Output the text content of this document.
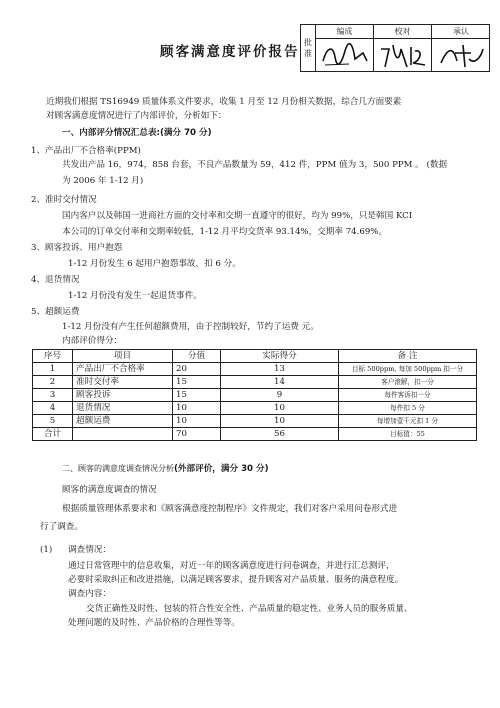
顾客满意度评价报告
批
准
编成	校对	承认
近期我们根据 TS16949 质量体系文件要求，收集 1 月至 12 月份相关数据，综合几方面要素
对顾客满意度情况进行了内部评价，分析如下：
一、内部评分情况汇总表:(满分 70 分)
1、产品出厂不合格率(PPM)
共发出产品 16，974，858 台套，不良产品数量为 59，412 件，PPM 值为 3，500 PPM 。 (数据
为 2006 年 1-12 月)
2、准时交付情况
国内客户以及韩国一进商社方面的交付率和交期一直遵守的很好，均为 99%，只是韩国 KCI
本公司的订单交付率和交期率较低，1-12 月平均交货率 93.14%，交期率 74.69%。
3、顾客投诉、用户抱怨
1-12 月份发生 6 起用户抱怨事故，扣 6 分。
4、退货情况
1-12 月份没有发生一起退货事件。
5、超额运费
1-12 月份没有产生任何超额费用，由于控制较好，节约了运费 元。
内部评价得分：
序号	项目	分值	实际得分	备 注
1	产品出厂不合格率	20	13	目标 500ppm, 每加 500ppm 扣一分
2	准时交付率	15	14	客户滚解，扣一分
3	顾客投诉	15	9	每件客诉扣一分
4	退货情况	10	10	每件扣 5 分
5	超额运费	10	10	每增加壹千元扣 1 分
合计		70	56	目标值：55
二、顾客的满意度调查情况分析(外部评价，满分 30 分)
顾客的满意度调查的情况
根据质量管理体系要求和《顾客满意度控制程序》文件规定，我们对客户采用问卷形式进
行了调查。
(1) 调查情况：
通过日常管理中的信息收集，对近一年的顾客满意度进行问卷调查，并进行汇总测评，
必要时采取纠正和改进措施，以满足顾客要求，提升顾客对产品质量、服务的满意程度。
调查内容：
交货正确性及时性、包装的符合性安全性、产品质量的稳定性、业务人员的服务质量、
处理问题的及时性、产品价格的合理性等等。
